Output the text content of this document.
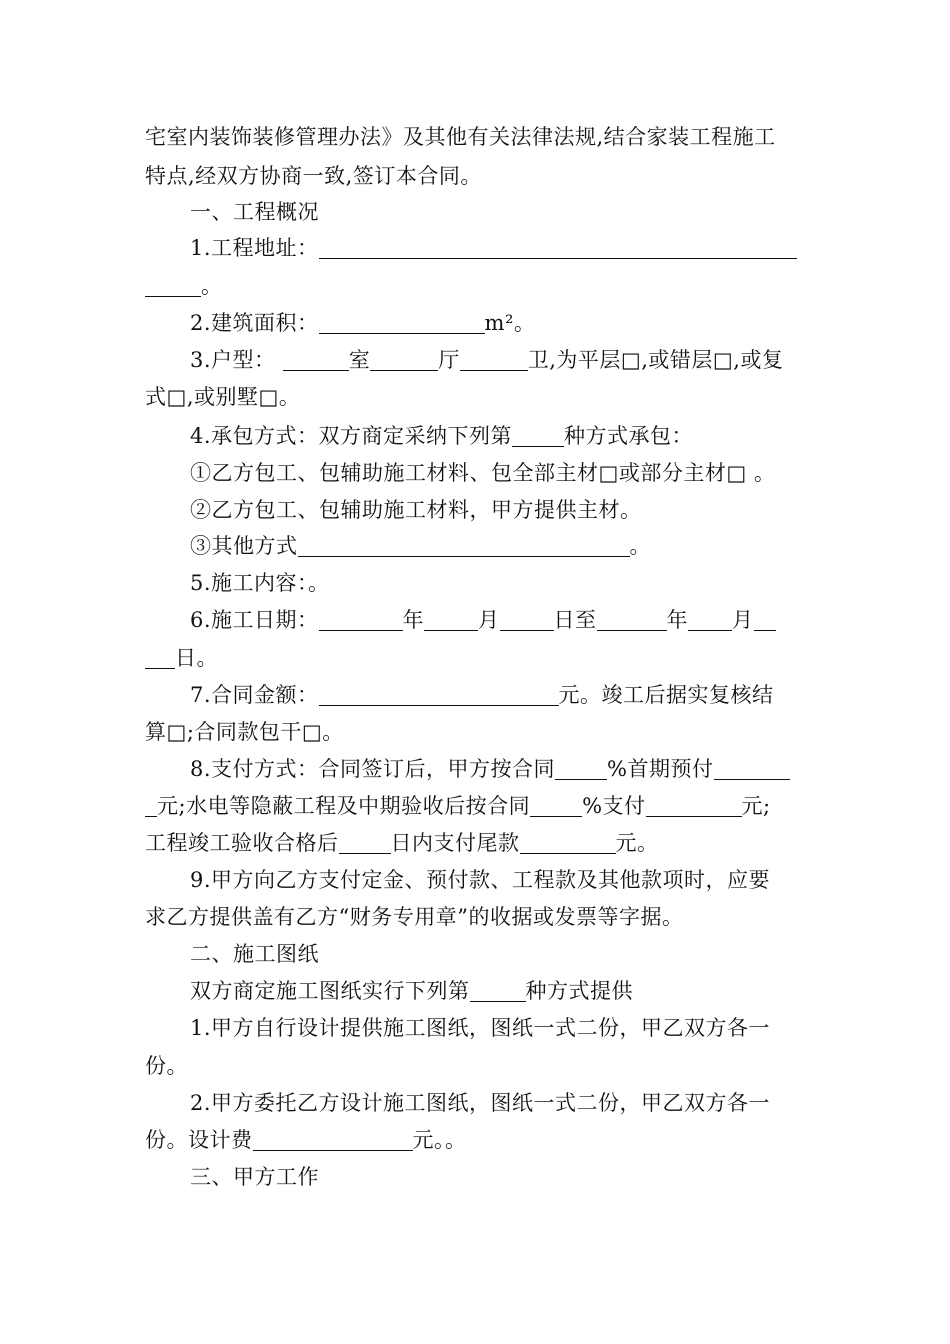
宅室内装饰装修管理办法》及其他有关法律法规,结合家装工程施工
特点,经双方协商一致,签订本合同。
一、工程概况
1.工程地址：
。
2.建筑面积：	m²。
3.户型：	室	厅	卫,为平层□,或错层□,或复
式□,或别墅□。
4.承包方式：双方商定采纳下列第 种方式承包：
①乙方包工、包辅助施工材料、包全部主材□或部分主材□ 。
②乙方包工、包辅助施工材料，甲方提供主材。
③其他方式	。
5.施工内容：。
6.施工日期：	年	月	日至	年 月
日。
7.合同金额：	元。竣工后据实复核结
算□;合同款包干□。
8.支付方式：合同签订后，甲方按合同 %首期预付
元;水电等隐蔽工程及中期验收后按合同 %支付	元;
工程竣工验收合格后 日内支付尾款	元。
9.甲方向乙方支付定金、预付款、工程款及其他款项时，应要
求乙方提供盖有乙方“财务专用章”的收据或发票等字据。
二、施工图纸
双方商定施工图纸实行下列第	种方式提供
1.甲方自行设计提供施工图纸，图纸一式二份，甲乙双方各一
份。
2.甲方委托乙方设计施工图纸，图纸一式二份，甲乙双方各一
份。设计费	元。。
三、甲方工作
